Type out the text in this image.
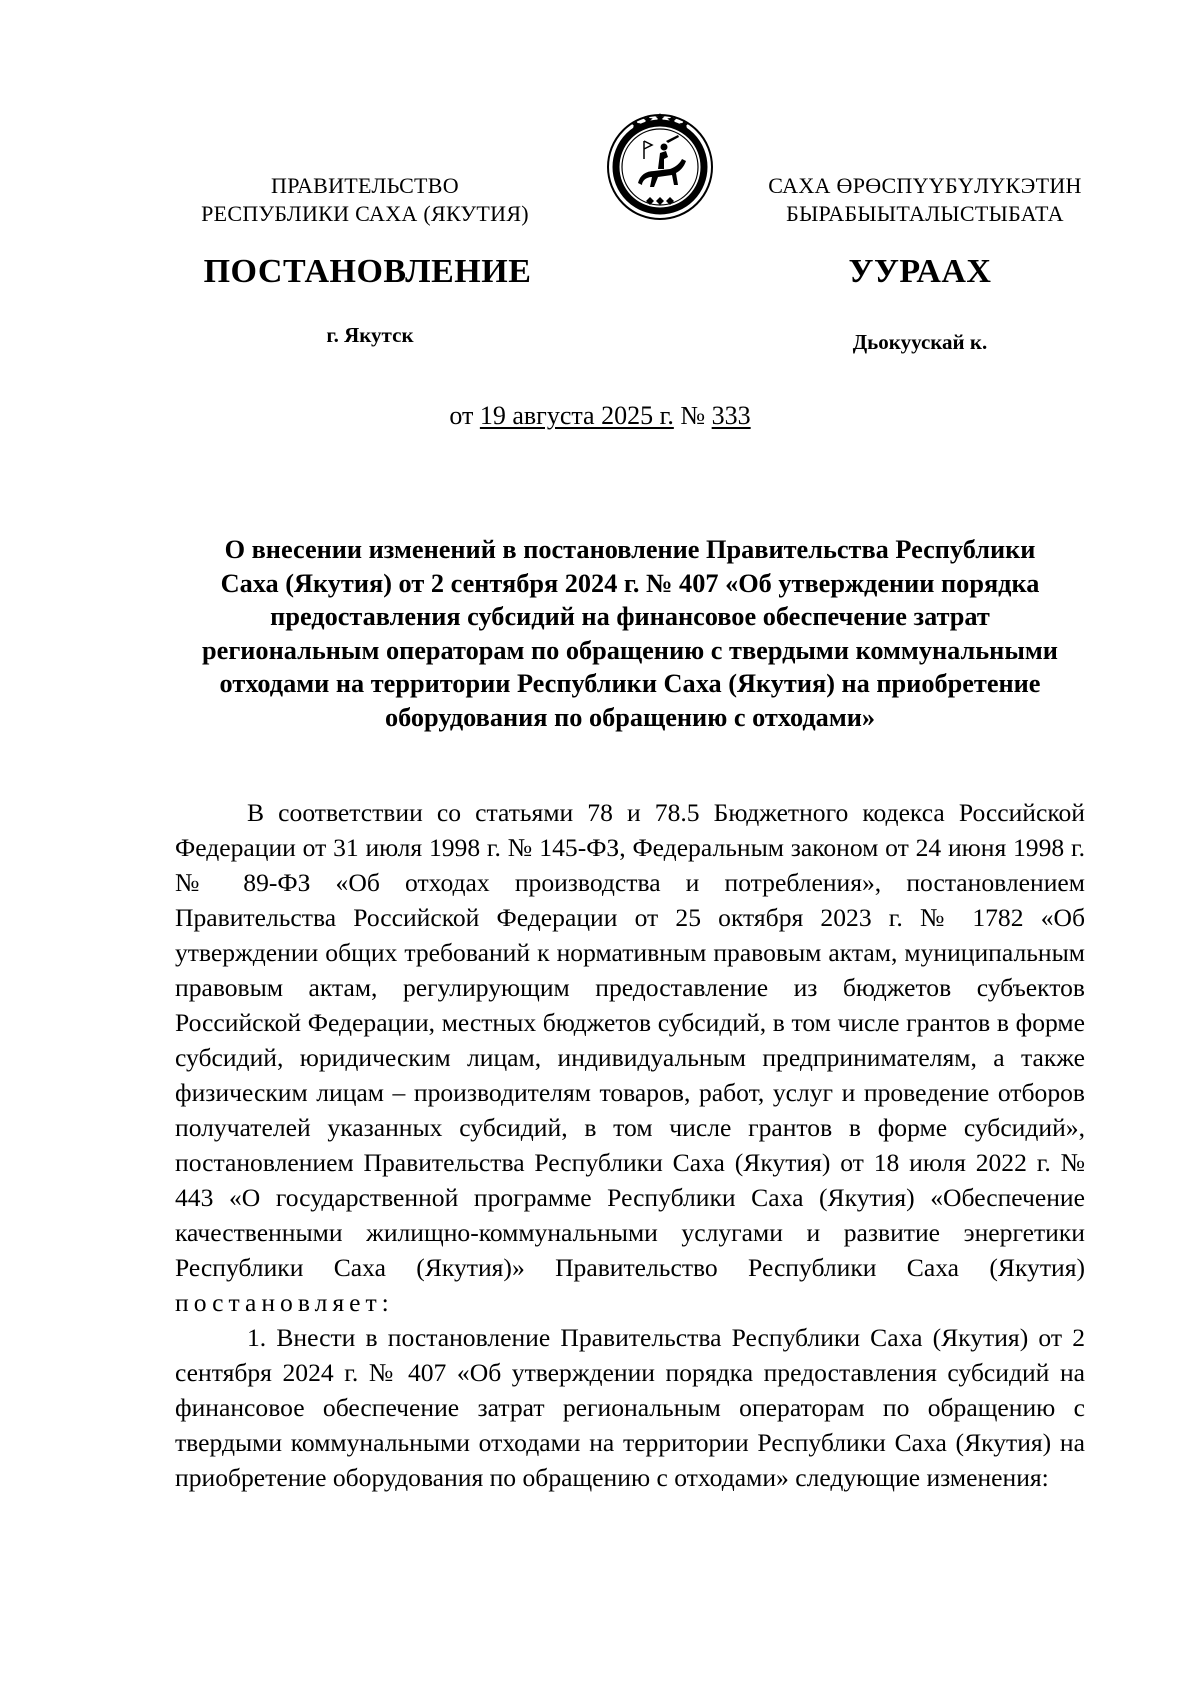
ПРАВИТЕЛЬСТВО
РЕСПУБЛИКИ САХА (ЯКУТИЯ)
САХА ӨРӨСПҮҮБҮЛҮКЭТИН
БЫРАБЫЫТАЛЫСТЫБАТА
ПОСТАНОВЛЕНИЕ	УУРААХ
г. Якутск	Дьокуускай к.
от 19 августа 2025 г. № 333
О внесении изменений в постановление Правительства Республики
Саха (Якутия) от 2 сентября 2024 г. № 407 «Об утверждении порядка
предоставления субсидий на финансовое обеспечение затрат
региональным операторам по обращению с твердыми коммунальными
отходами на территории Республики Саха (Якутия) на приобретение
оборудования по обращению с отходами»

В соответствии со статьями 78 и 78.5 Бюджетного кодекса Российской Федерации от 31 июля 1998 г. № 145-ФЗ, Федеральным законом от 24 июня 1998 г. № 89-ФЗ «Об отходах производства и потребления», постановлением Правительства Российской Федерации от 25 октября 2023 г. № 1782 «Об утверждении общих требований к нормативным правовым актам, муниципальным правовым актам, регулирующим предоставление из бюджетов субъектов Российской Федерации, местных бюджетов субсидий, в том числе грантов в форме субсидий, юридическим лицам, индивидуальным предпринимателям, а также физическим лицам – производителям товаров, работ, услуг и проведение отборов получателей указанных субсидий, в том числе грантов в форме субсидий», постановлением Правительства Республики Саха (Якутия) от 18 июля 2022 г. № 443 «О государственной программе Республики Саха (Якутия) «Обеспечение качественными жилищно-коммунальными услугами и развитие энергетики Республики Саха (Якутия)» Правительство Республики Саха (Якутия) постановляет:

1. Внести в постановление Правительства Республики Саха (Якутия) от 2 сентября 2024 г. № 407 «Об утверждении порядка предоставления субсидий на финансовое обеспечение затрат региональным операторам по обращению с твердыми коммунальными отходами на территории Республики Саха (Якутия) на приобретение оборудования по обращению с отходами» следующие изменения:
